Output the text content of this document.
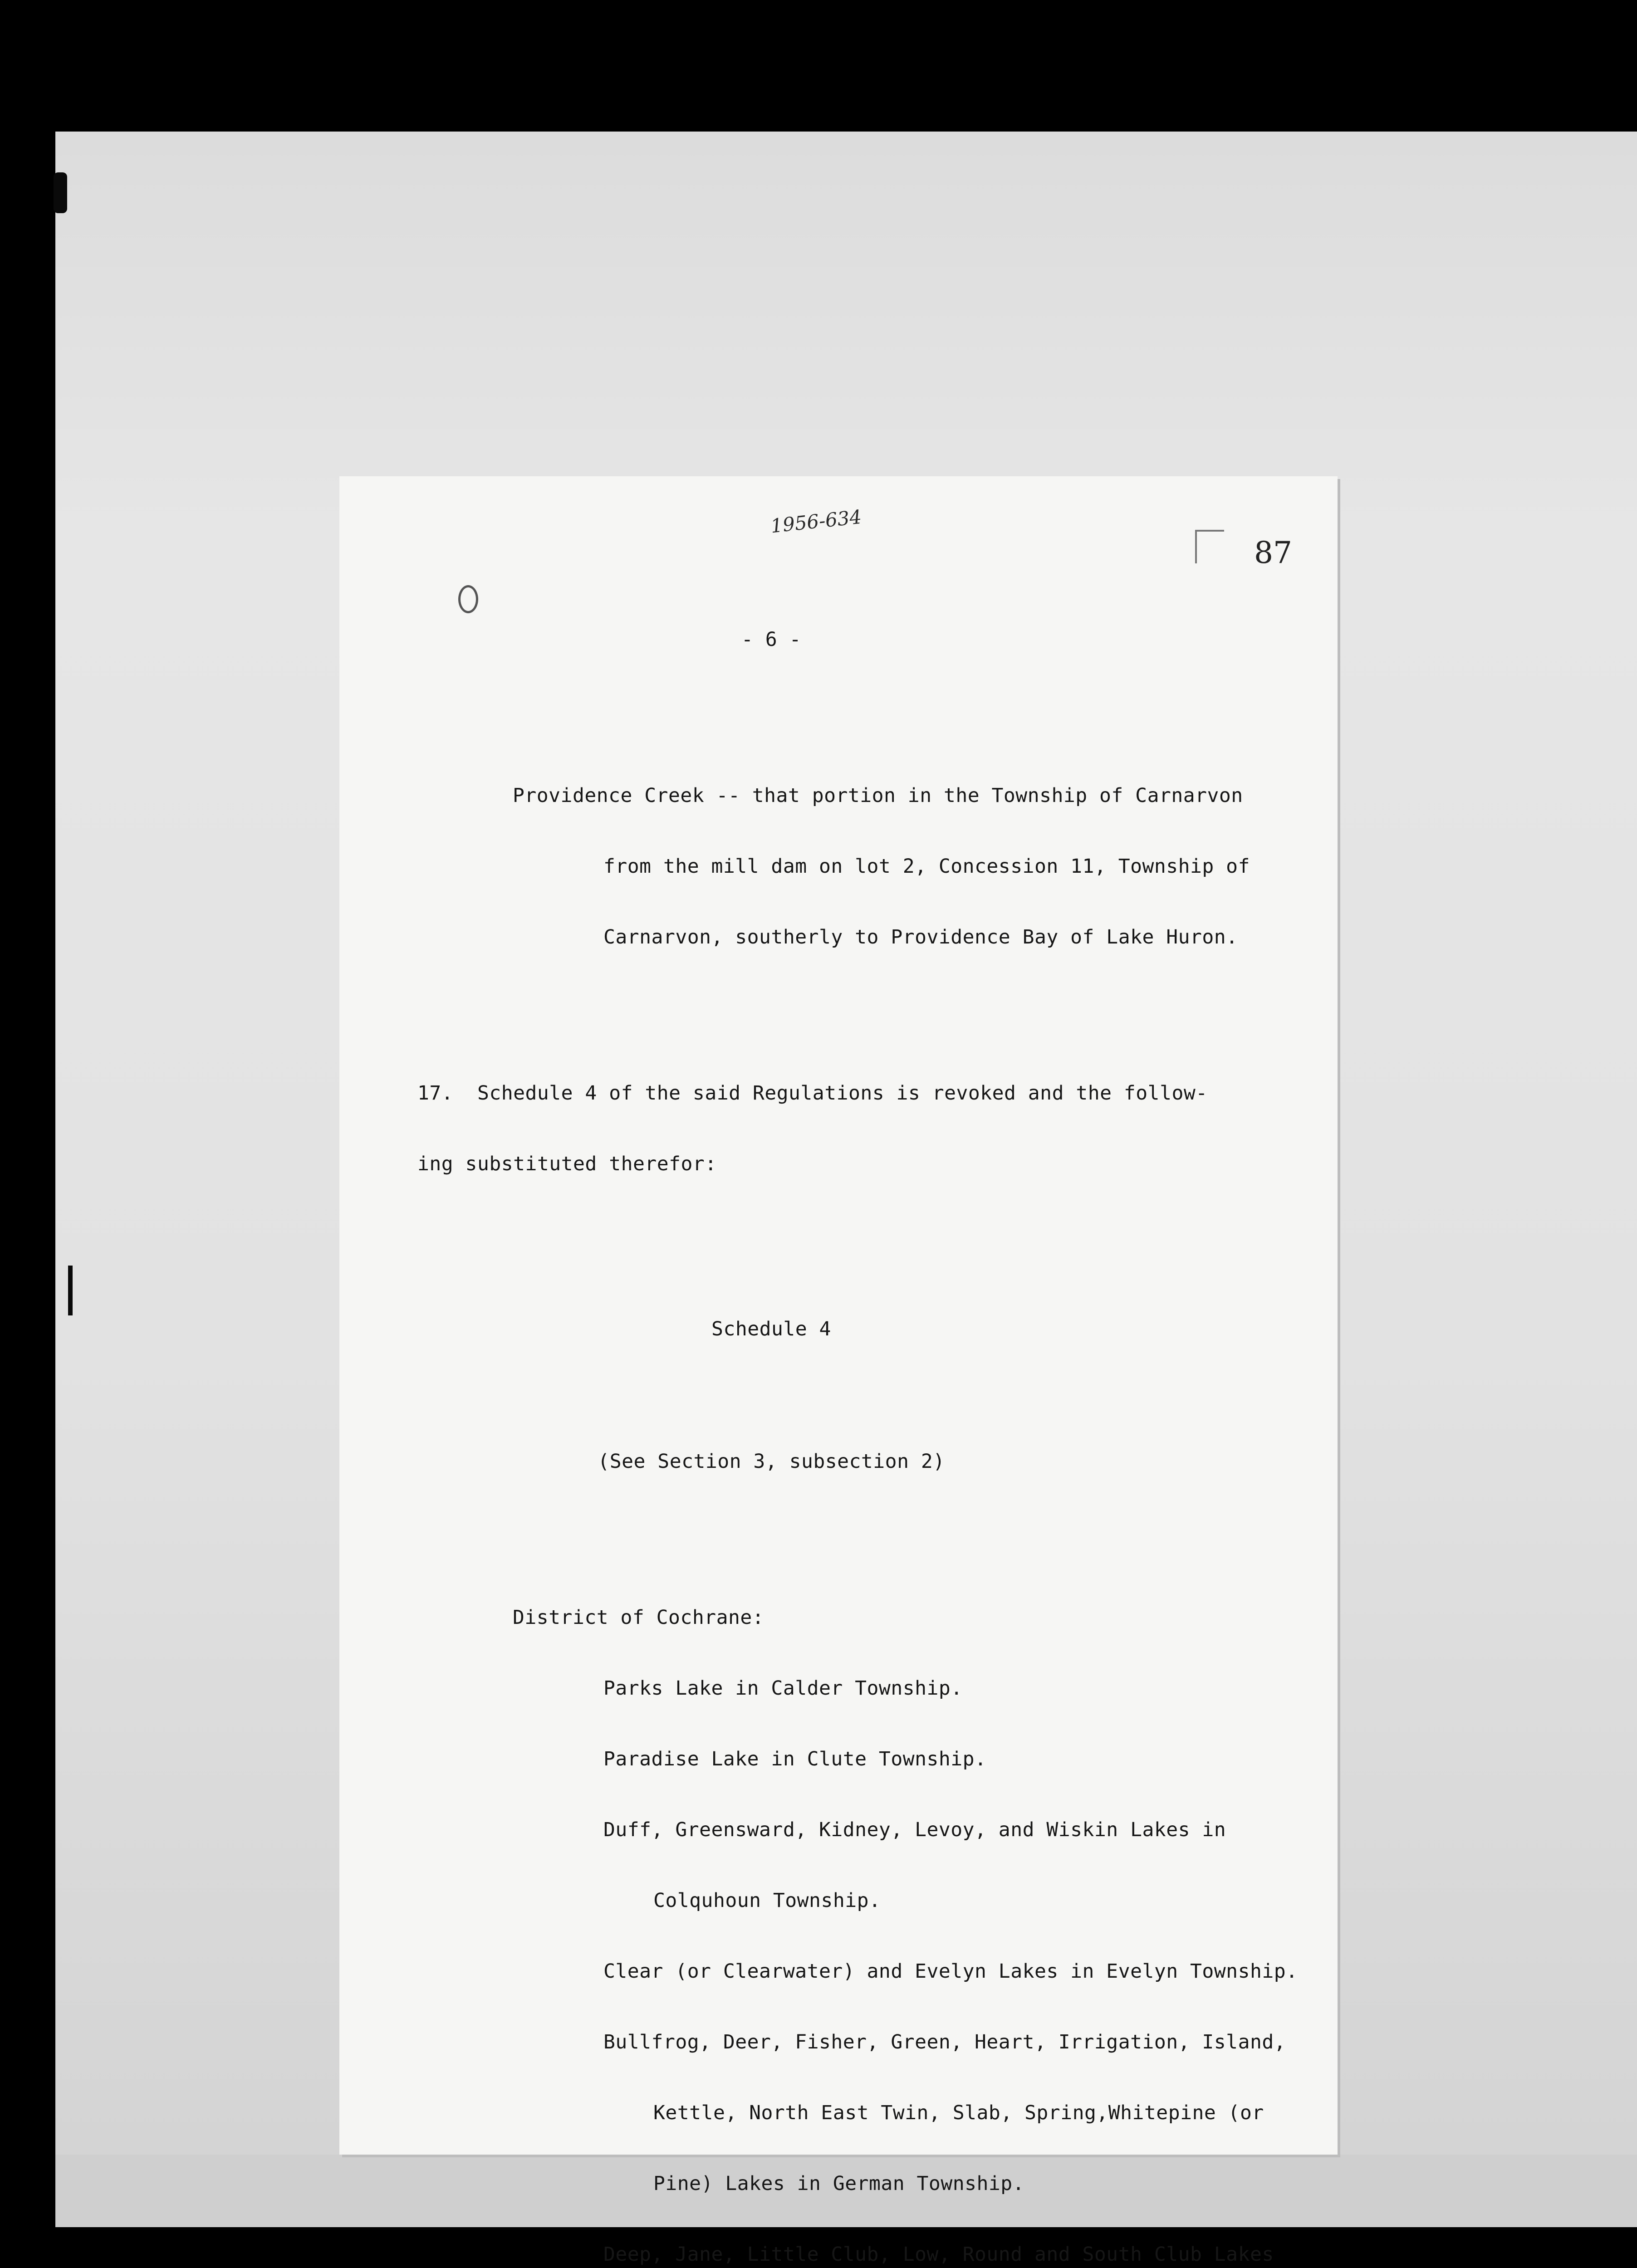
1956-634
87

- 6 -

Providence Creek -- that portion in the Township of Carnarvon

from the mill dam on lot 2, Concession 11, Township of

Carnarvon, southerly to Providence Bay of Lake Huron.

17.  Schedule 4 of the said Regulations is revoked and the follow-

ing substituted therefor:

Schedule 4

(See Section 3, subsection 2)

District of Cochrane:

Parks Lake in Calder Township.

Paradise Lake in Clute Township.

Duff, Greensward, Kidney, Levoy, and Wiskin Lakes in

Colquhoun Township.

Clear (or Clearwater) and Evelyn Lakes in Evelyn Township.

Bullfrog, Deer, Fisher, Green, Heart, Irrigation, Island,

Kettle, North East Twin, Slab, Spring,Whitepine (or

Pine) Lakes in German Township.

Deep, Jane, Little Club, Low, Round and South Club Lakes
